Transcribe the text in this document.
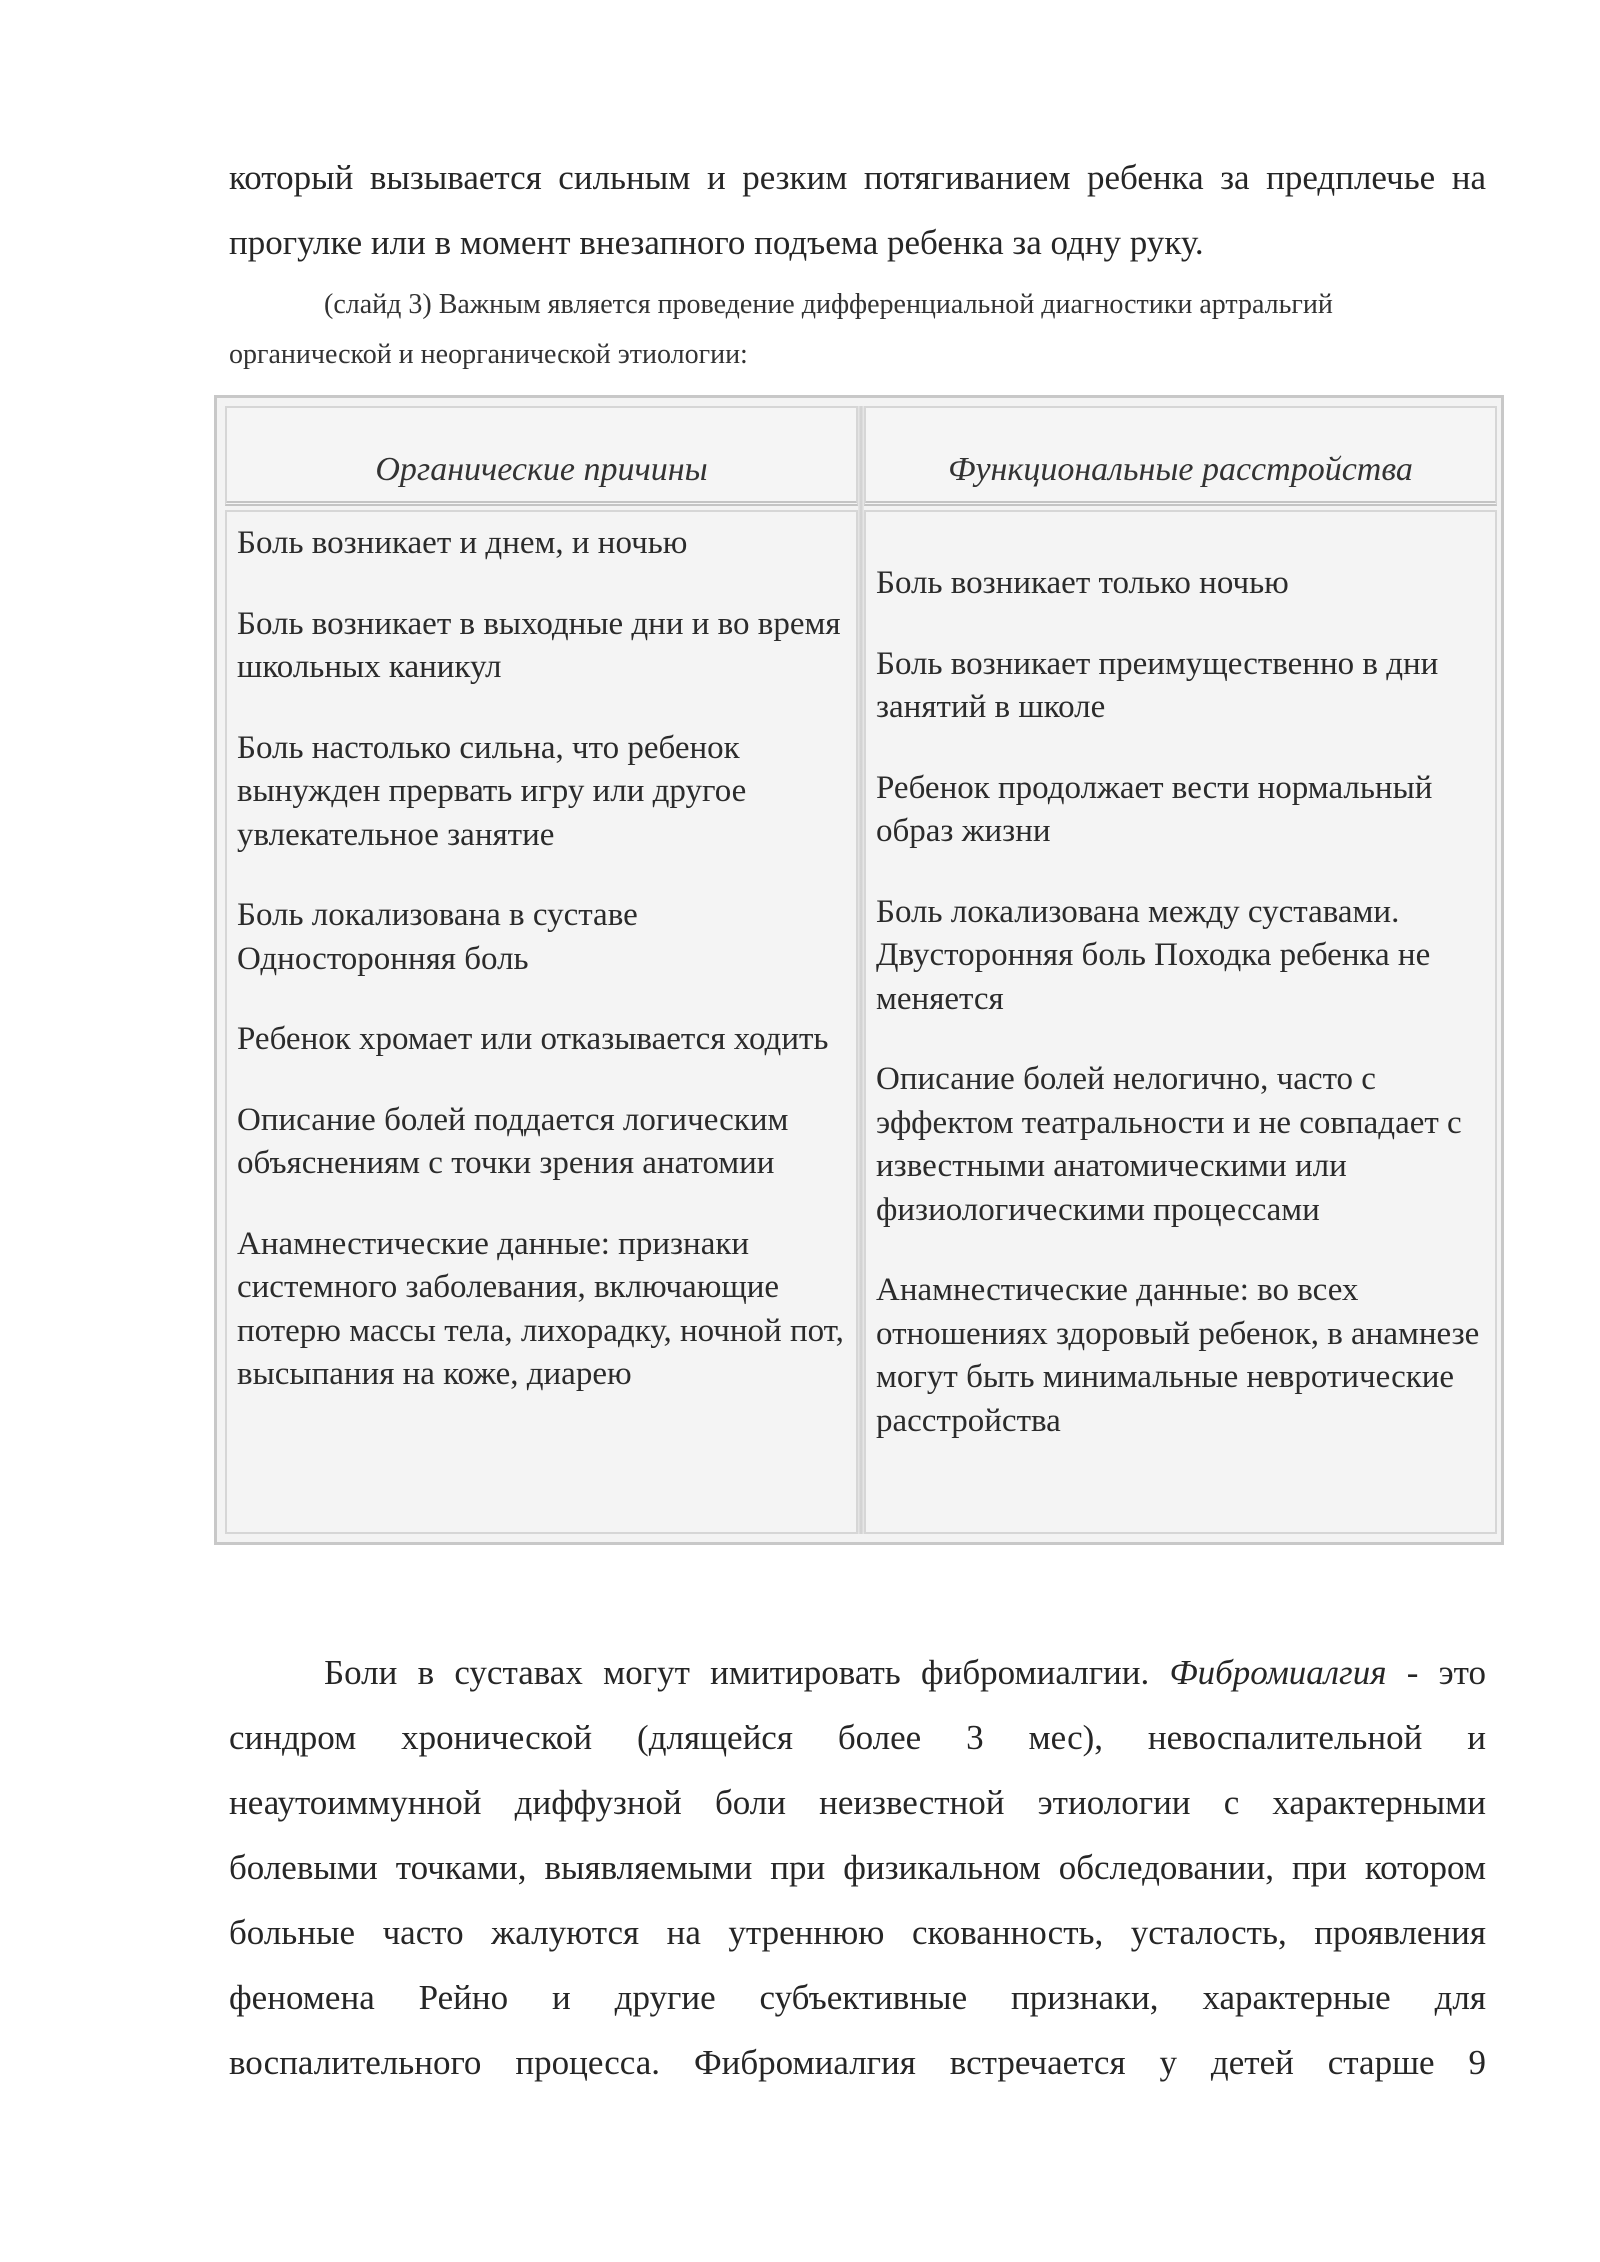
который вызывается сильным и резким потягиванием ребенка за предплечье на прогулке или в момент внезапного подъема ребенка за одну руку.

(слайд 3) Важным является проведение дифференциальной диагностики артральгий органической и неорганической этиологии:

Органические причины	Функциональные расстройства

Боль возникает и днем, и ночью

Боль возникает в выходные дни и во время школьных каникул

Боль настолько сильна, что ребенок вынужден прервать игру или другое увлекательное занятие

Боль локализована в суставе Односторонняя боль

Ребенок хромает или отказывается ходить

Описание болей поддается логическим объяснениям с точки зрения анатомии

Анамнестические данные: признаки системного заболевания, включающие потерю массы тела, лихорадку, ночной пот, высыпания на коже, диарею

Боль возникает только ночью

Боль возникает преимущественно в дни занятий в школе

Ребенок продолжает вести нормальный образ жизни

Боль локализована между суставами. Двусторонняя боль Походка ребенка не меняется

Описание болей нелогично, часто с эффектом театральности и не совпадает с известными анатомическими или физиологическими процессами

Анамнестические данные: во всех отношениях здоровый ребенок, в анамнезе могут быть минимальные невротические расстройства

Боли в суставах могут имитировать фибромиалгии. Фибромиалгия - это синдром хронической (длящейся более 3 мес), невоспалительной и неаутоиммунной диффузной боли неизвестной этиологии с характерными болевыми точками, выявляемыми при физикальном обследовании, при котором больные часто жалуются на утреннюю скованность, усталость, проявления феномена Рейно и другие субъективные признаки, характерные для воспалительного процесса. Фибромиалгия встречается у детей старше 9
